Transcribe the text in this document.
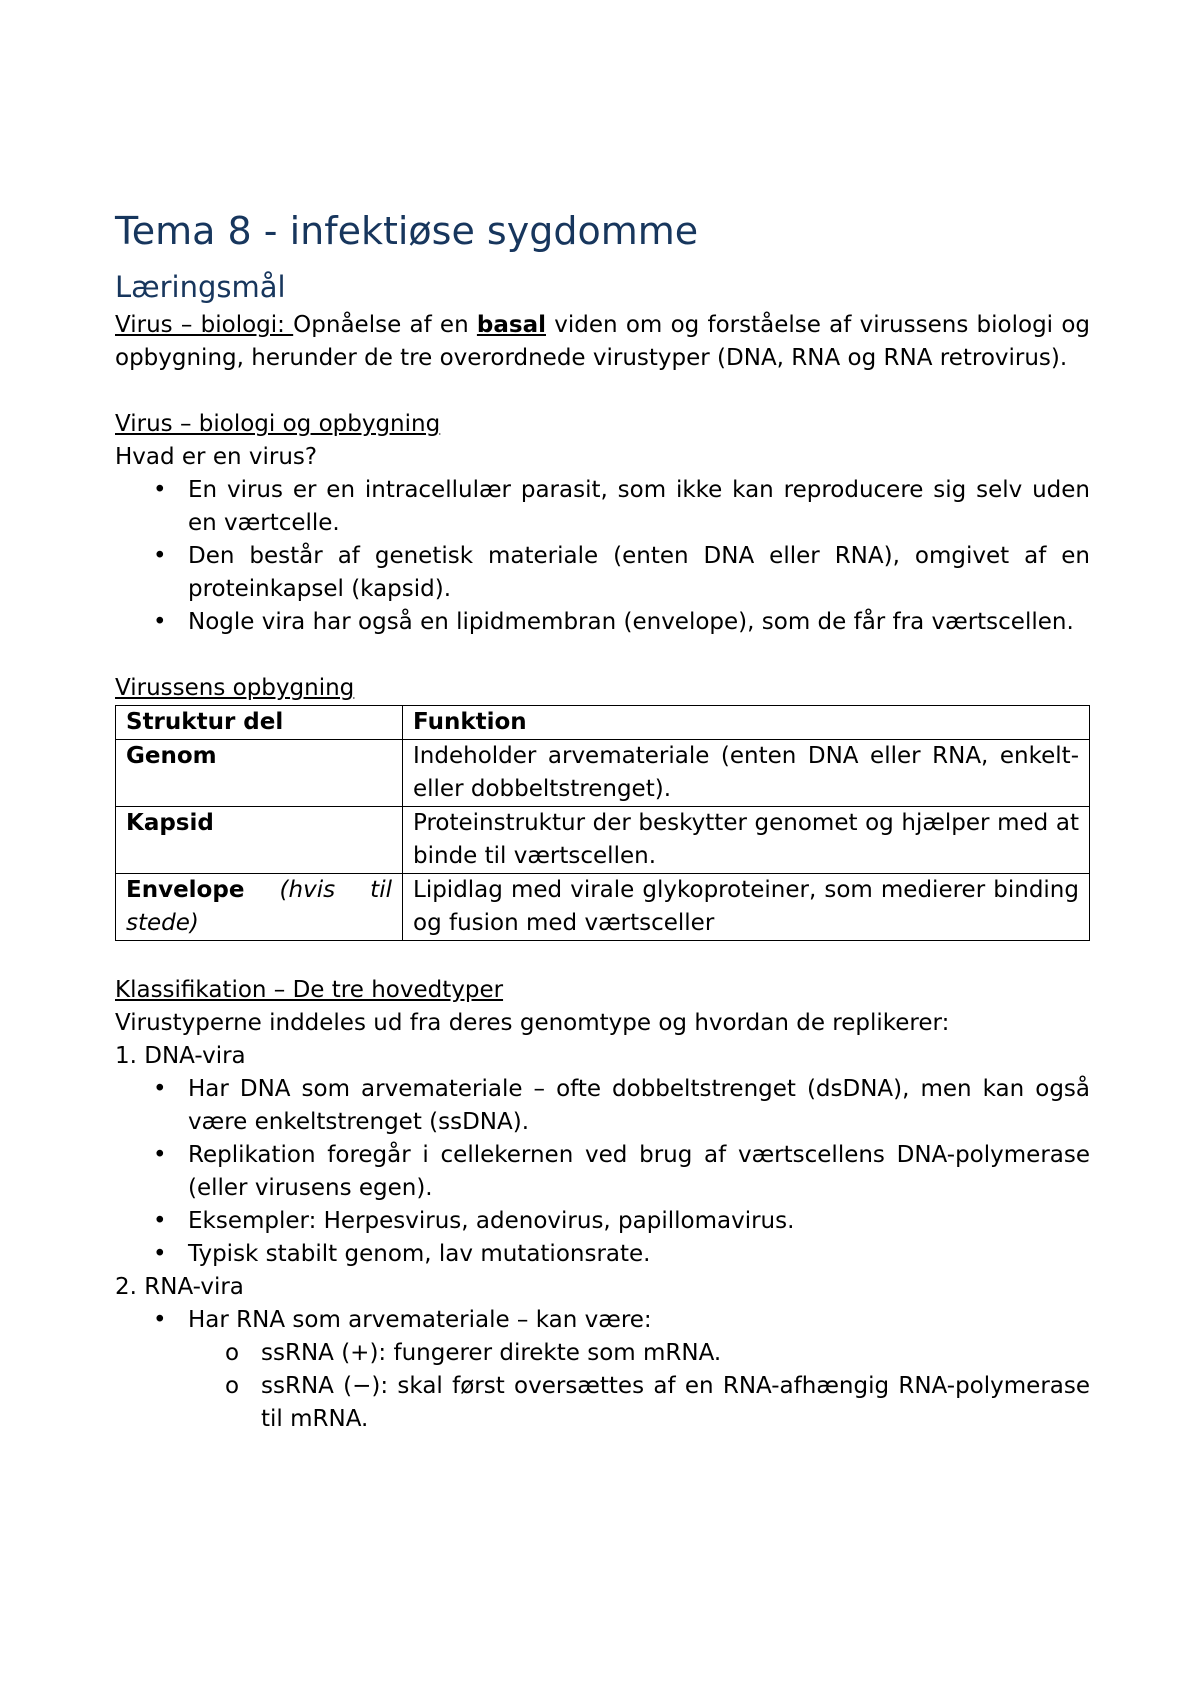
Tema 8 - infektiøse sygdomme
Læringsmål

Virus – biologi: Opnåelse af en basal viden om og forståelse af virussens biologi og opbygning, herunder de tre overordnede virustyper (DNA, RNA og RNA retrovirus).

Virus – biologi og opbygning

Hvad er en virus?

• En virus er en intracellulær parasit, som ikke kan reproducere sig selv uden en værtcelle.
• Den består af genetisk materiale (enten DNA eller RNA), omgivet af en proteinkapsel (kapsid).
• Nogle vira har også en lipidmembran (envelope), som de får fra værtscellen.

Virussens opbygning

Struktur del	Funktion
Genom	Indeholder arvemateriale (enten DNA eller RNA, enkelt- eller dobbeltstrenget).
Kapsid	Proteinstruktur der beskytter genomet og hjælper med at binde til værtscellen.

Envelope (hvis til
stede)	Lipidlag med virale glykoproteiner, som medierer binding og fusion med værtsceller

Klassifikation – De tre hovedtyper

Virustyperne inddeles ud fra deres genomtype og hvordan de replikerer:

1. DNA-vira

• Har DNA som arvemateriale – ofte dobbeltstrenget (dsDNA), men kan også være enkeltstrenget (ssDNA).
• Replikation foregår i cellekernen ved brug af værtscellens DNA-polymerase (eller virusens egen).
• Eksempler: Herpesvirus, adenovirus, papillomavirus.
• Typisk stabilt genom, lav mutationsrate.

2. RNA-vira

• Har RNA som arvemateriale – kan være:
o ssRNA (+): fungerer direkte som mRNA.
o ssRNA (−): skal først oversættes af en RNA-afhængig RNA-polymerase til mRNA.
